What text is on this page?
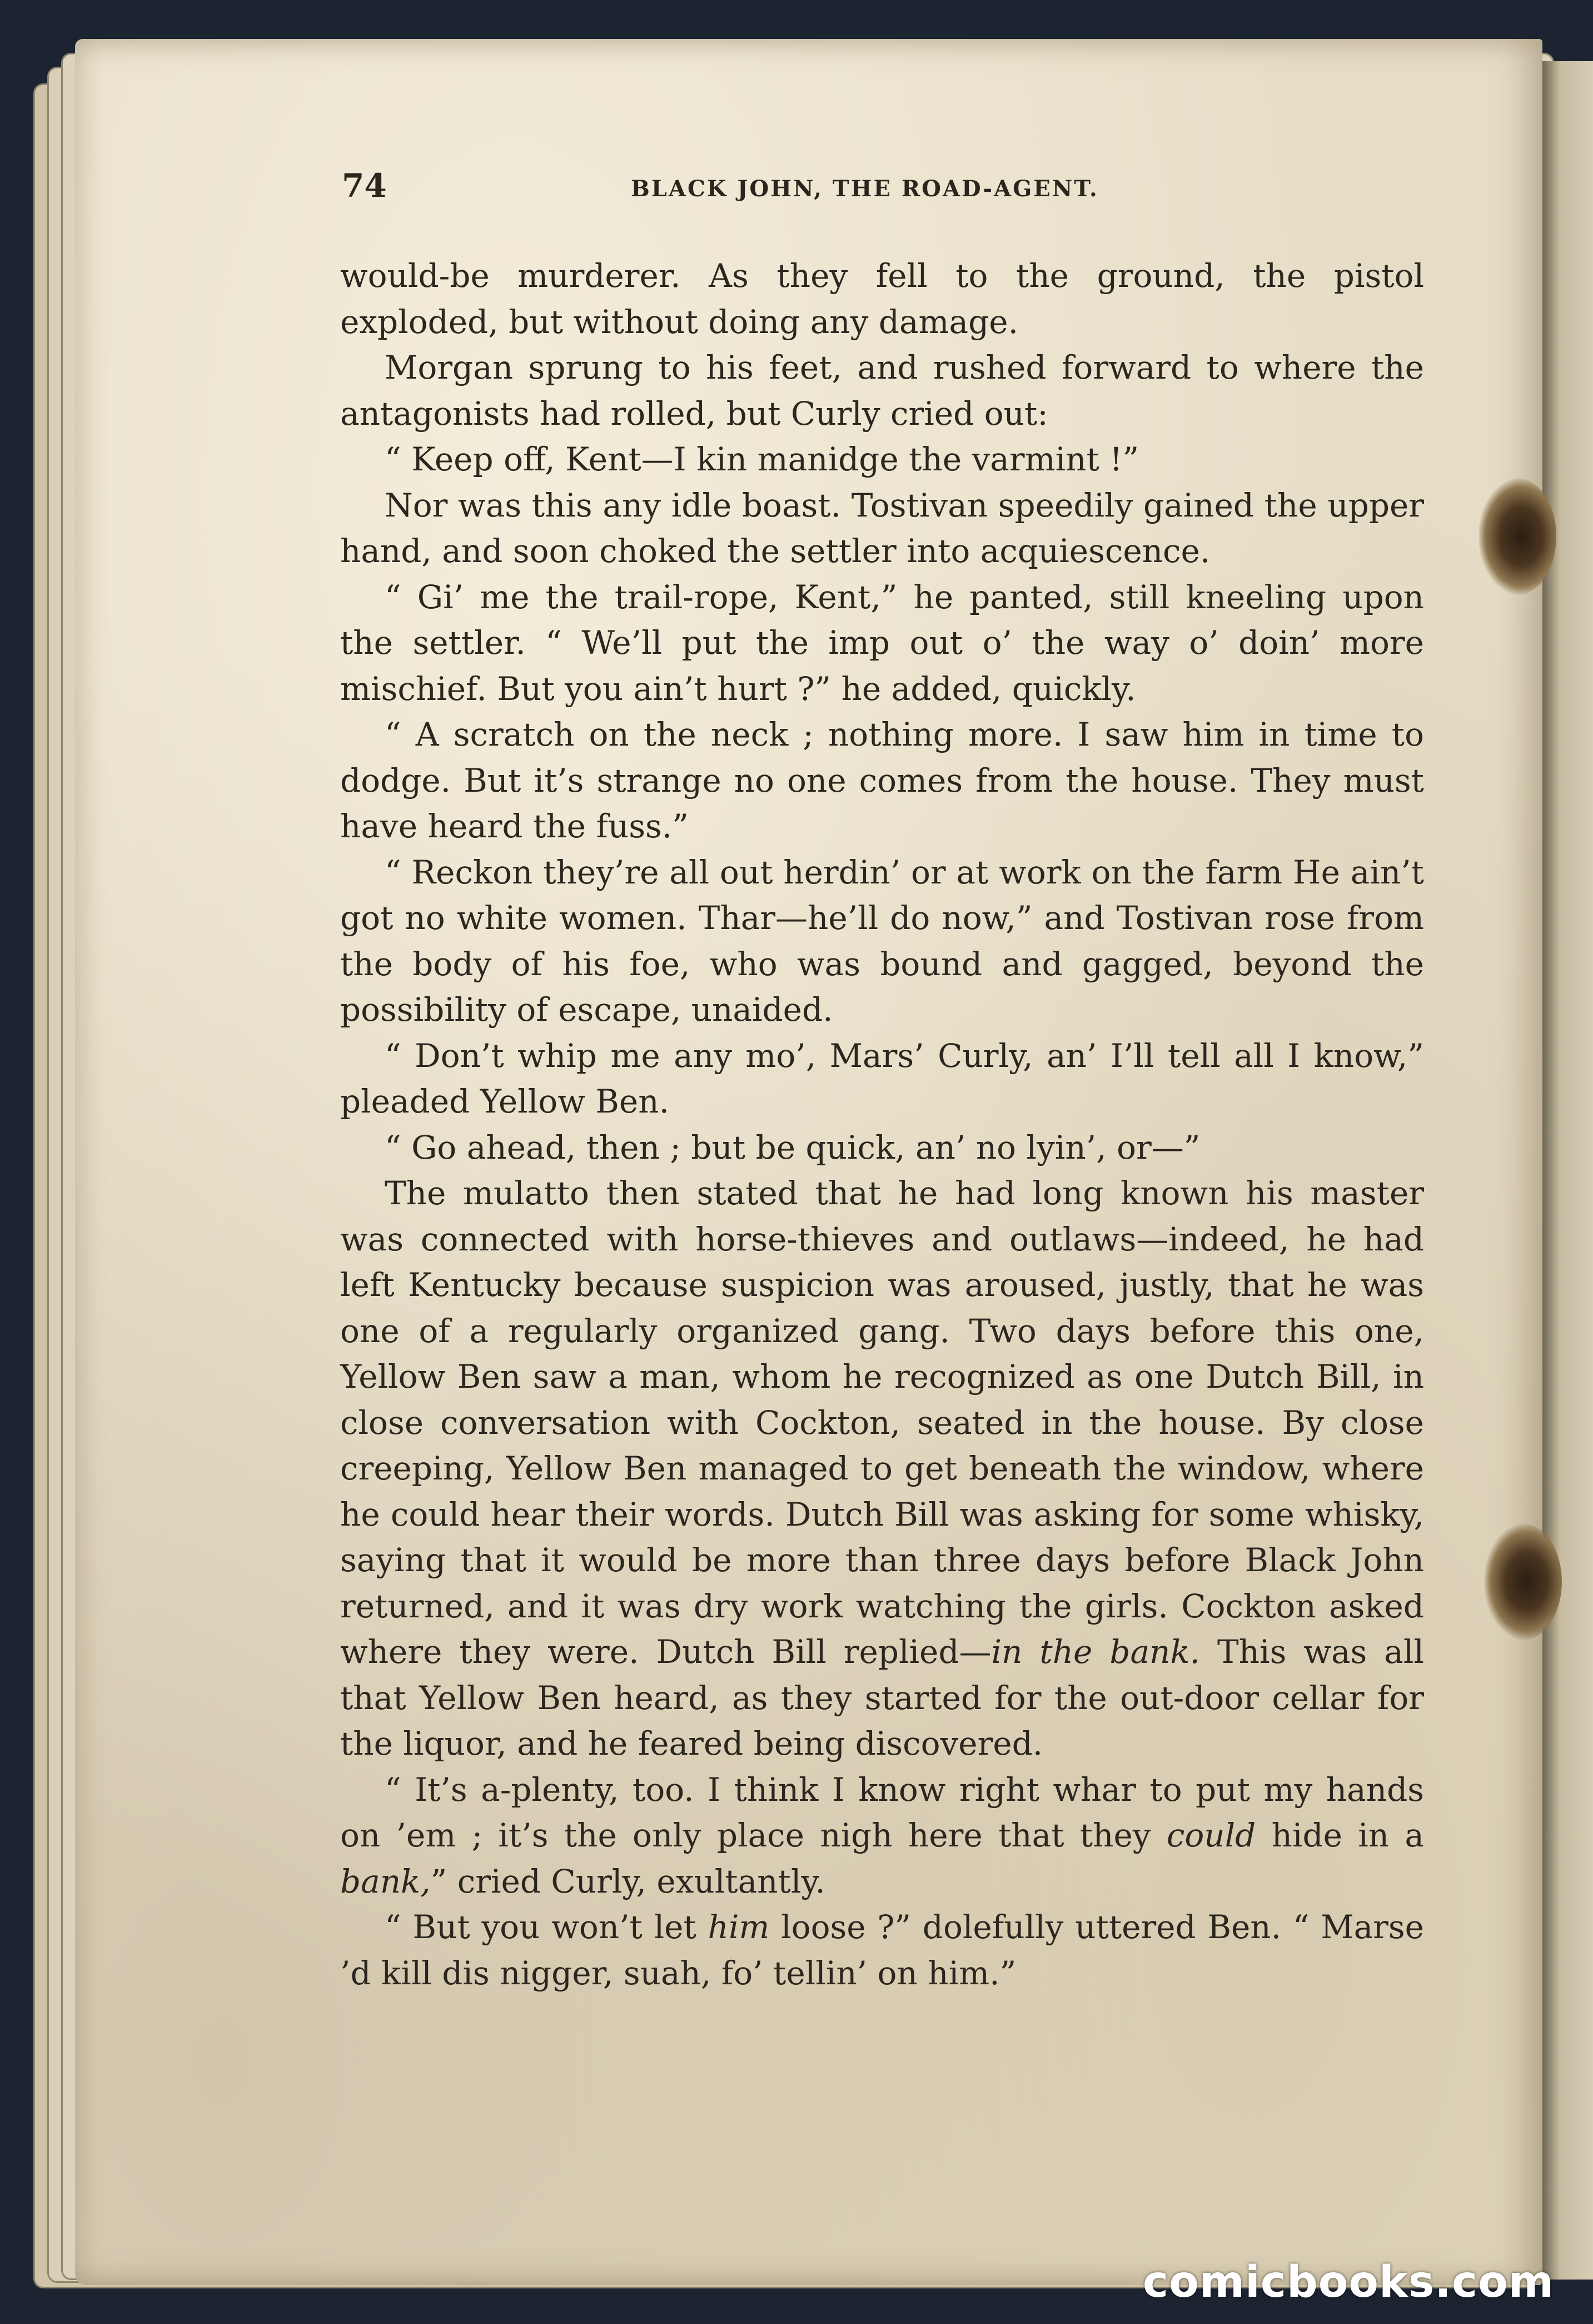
74	BLACK JOHN, THE ROAD-AGENT.

would-be murderer. As they fell to the ground, the pistol exploded, but without doing any damage.

Morgan sprung to his feet, and rushed forward to where the antagonists had rolled, but Curly cried out:

“ Keep off, Kent—I kin manidge the varmint !”

Nor was this any idle boast. Tostivan speedily gained the upper hand, and soon choked the settler into acquiescence.

“ Gi’ me the trail-rope, Kent,” he panted, still kneeling upon the settler. “ We’ll put the imp out o’ the way o’ doin’ more mischief. But you ain’t hurt ?” he added, quickly.

“ A scratch on the neck ; nothing more. I saw him in time to dodge. But it’s strange no one comes from the house. They must have heard the fuss.”

“ Reckon they’re all out herdin’ or at work on the farm He ain’t got no white women. Thar—he’ll do now,” and Tostivan rose from the body of his foe, who was bound and gagged, beyond the possibility of escape, unaided.

“ Don’t whip me any mo’, Mars’ Curly, an’ I’ll tell all I know,” pleaded Yellow Ben.

“ Go ahead, then ; but be quick, an’ no lyin’, or—”

The mulatto then stated that he had long known his master was connected with horse-thieves and outlaws—indeed, he had left Kentucky because suspicion was aroused, justly, that he was one of a regularly organized gang. Two days before this one, Yellow Ben saw a man, whom he recognized as one Dutch Bill, in close conversation with Cockton, seated in the house. By close creeping, Yellow Ben managed to get beneath the window, where he could hear their words. Dutch Bill was asking for some whisky, saying that it would be more than three days before Black John returned, and it was dry work watching the girls. Cockton asked where they were. Dutch Bill replied—in the bank. This was all that Yellow Ben heard, as they started for the out-door cellar for the liquor, and he feared being discovered.

“ It’s a-plenty, too. I think I know right whar to put my hands on ’em ; it’s the only place nigh here that they could hide in a bank,” cried Curly, exultantly.

“ But you won’t let him loose ?” dolefully uttered Ben. “ Marse ’d kill dis nigger, suah, fo’ tellin’ on him.”

comicbooks.com
